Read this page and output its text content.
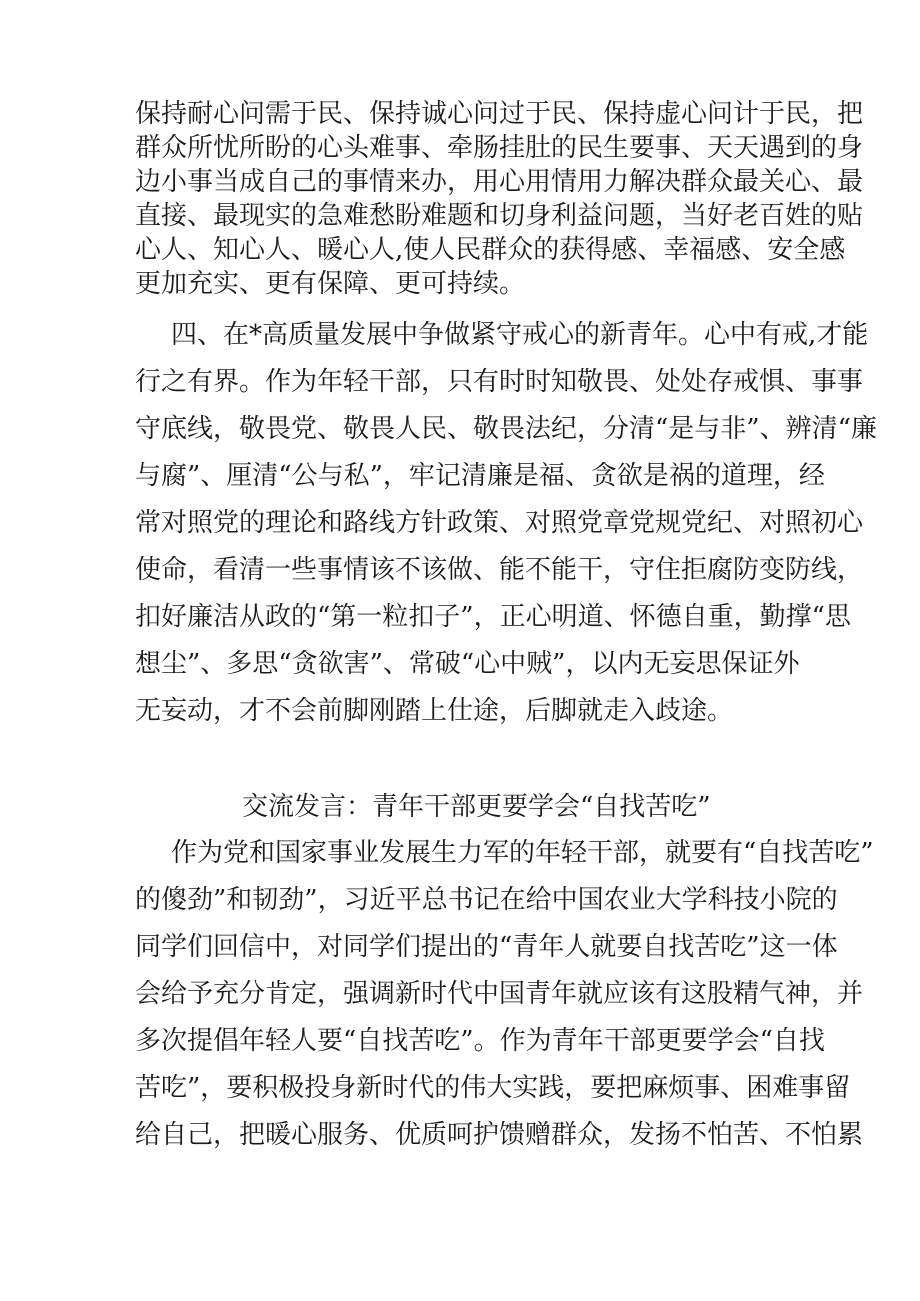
保持耐心问需于民、保持诚心问过于民、保持虚心问计于民，把

群众所忧所盼的心头难事、牵肠挂肚的民生要事、天天遇到的身

边小事当成自己的事情来办，用心用情用力解决群众最关心、最

直接、最现实的急难愁盼难题和切身利益问题，当好老百姓的贴

心人、知心人、暖心人,使人民群众的获得感、幸福感、安全感

更加充实、更有保障、更可持续。

四、在*高质量发展中争做紧守戒心的新青年。心中有戒,才能

行之有界。作为年轻干部，只有时时知敬畏、处处存戒惧、事事

守底线，敬畏党、敬畏人民、敬畏法纪，分清“是与非”、辨清“廉

与腐”、厘清“公与私”，牢记清廉是福、贪欲是祸的道理，经

常对照党的理论和路线方针政策、对照党章党规党纪、对照初心

使命，看清一些事情该不该做、能不能干，守住拒腐防变防线，

扣好廉洁从政的“第一粒扣子”，正心明道、怀德自重，勤撑“思

想尘”、多思“贪欲害”、常破“心中贼”，以内无妄思保证外

无妄动，才不会前脚刚踏上仕途，后脚就走入歧途。

交流发言：青年干部更要学会“自找苦吃”

作为党和国家事业发展生力军的年轻干部，就要有“自找苦吃”

的傻劲”和韧劲”，习近平总书记在给中国农业大学科技小院的

同学们回信中，对同学们提出的“青年人就要自找苦吃”这一体

会给予充分肯定，强调新时代中国青年就应该有这股精气神，并

多次提倡年轻人要“自找苦吃”。作为青年干部更要学会“自找

苦吃”，要积极投身新时代的伟大实践，要把麻烦事、困难事留

给自己，把暖心服务、优质呵护馈赠群众，发扬不怕苦、不怕累
